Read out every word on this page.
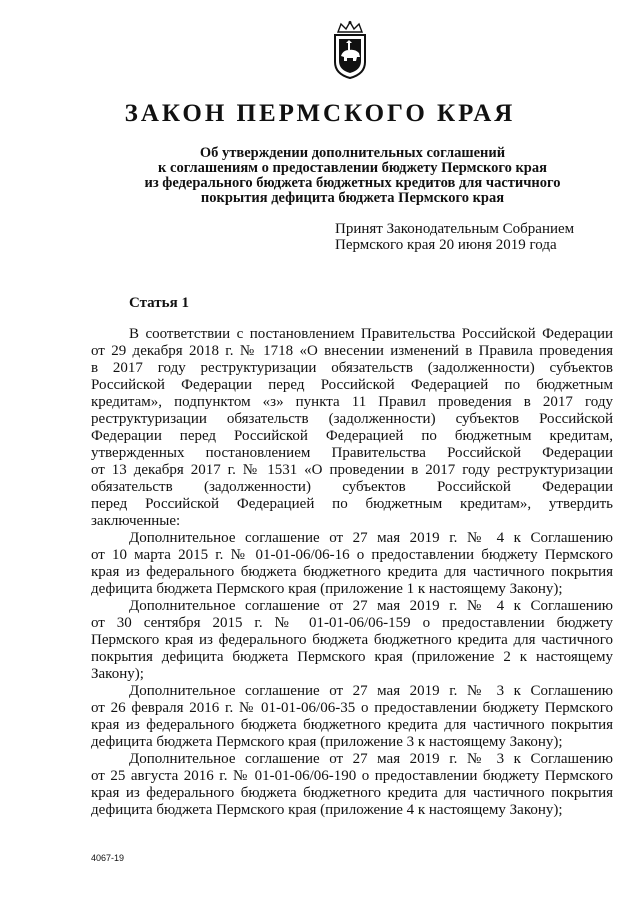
ЗАКОН ПЕРМСКОГО КРАЯ
Об утверждении дополнительных соглашений
к соглашениям о предоставлении бюджету Пермского края
из федерального бюджета бюджетных кредитов для частичного
покрытия дефицита бюджета Пермского края
Принят Законодательным Собранием
Пермского края 20 июня 2019 года
Статья 1
В соответствии с постановлением Правительства Российской Федерации
от 29 декабря 2018 г. № 1718 «О внесении изменений в Правила проведения
в 2017 году реструктуризации обязательств (задолженности) субъектов
Российской Федерации перед Российской Федерацией по бюджетным
кредитам», подпунктом «з» пункта 11 Правил проведения в 2017 году
реструктуризации обязательств (задолженности) субъектов Российской
Федерации перед Российской Федерацией по бюджетным кредитам,
утвержденных постановлением Правительства Российской Федерации
от 13 декабря 2017 г. № 1531 «О проведении в 2017 году реструктуризации
обязательств (задолженности) субъектов Российской Федерации
перед Российской Федерацией по бюджетным кредитам», утвердить
заключенные:
Дополнительное соглашение от 27 мая 2019 г. № 4 к Соглашению
от 10 марта 2015 г. № 01-01-06/06-16 о предоставлении бюджету Пермского
края из федерального бюджета бюджетного кредита для частичного покрытия
дефицита бюджета Пермского края (приложение 1 к настоящему Закону);
Дополнительное соглашение от 27 мая 2019 г. № 4 к Соглашению
от 30 сентября 2015 г. № 01-01-06/06-159 о предоставлении бюджету
Пермского края из федерального бюджета бюджетного кредита для частичного
покрытия дефицита бюджета Пермского края (приложение 2 к настоящему
Закону);
Дополнительное соглашение от 27 мая 2019 г. № 3 к Соглашению
от 26 февраля 2016 г. № 01-01-06/06-35 о предоставлении бюджету Пермского
края из федерального бюджета бюджетного кредита для частичного покрытия
дефицита бюджета Пермского края (приложение 3 к настоящему Закону);
Дополнительное соглашение от 27 мая 2019 г. № 3 к Соглашению
от 25 августа 2016 г. № 01-01-06/06-190 о предоставлении бюджету Пермского
края из федерального бюджета бюджетного кредита для частичного покрытия
дефицита бюджета Пермского края (приложение 4 к настоящему Закону);
4067-19
